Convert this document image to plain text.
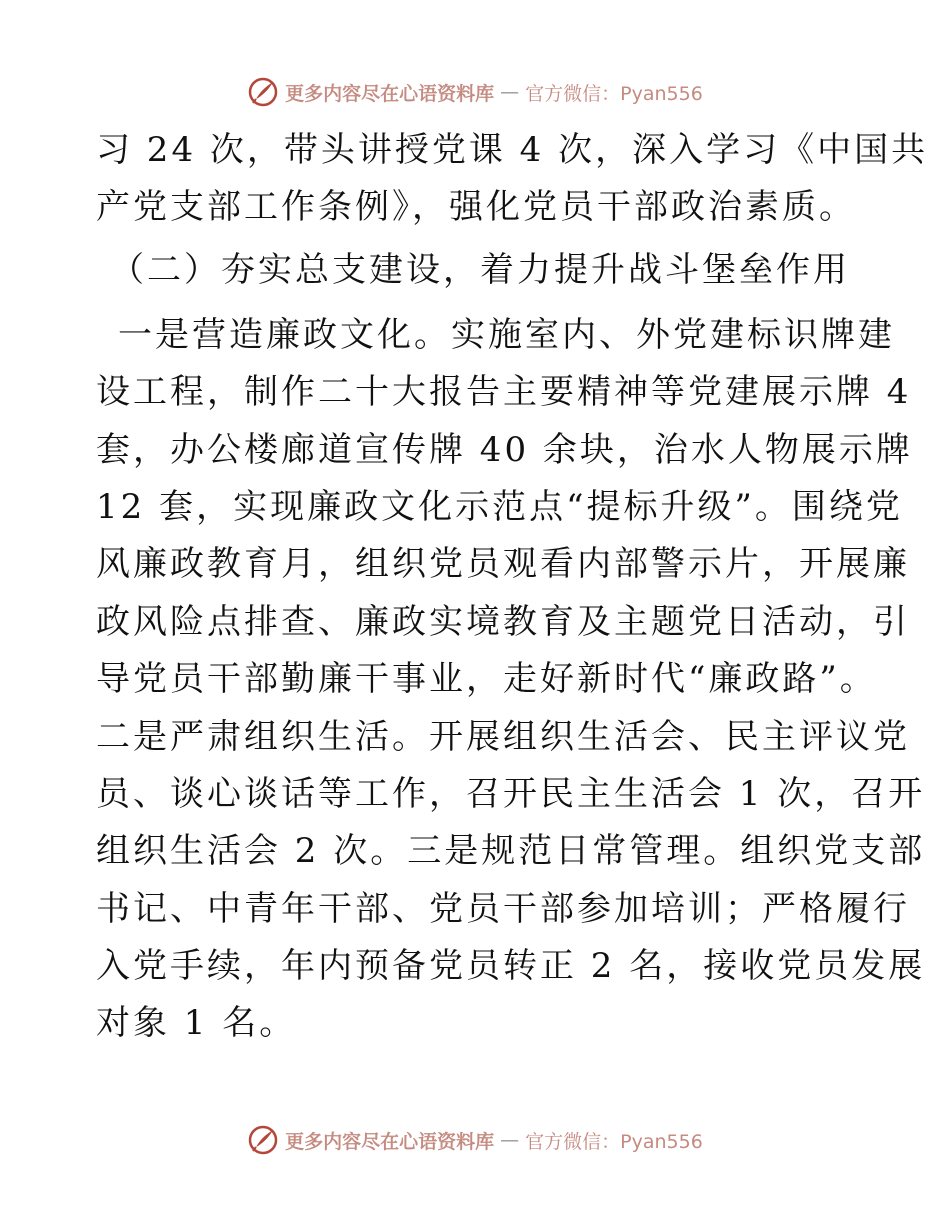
更多内容尽在心语资料库 — 官方微信：Pyan556
习 24 次，带头讲授党课 4 次，深入学习《中国共
产党支部工作条例》，强化党员干部政治素质。
（二）夯实总支建设，着力提升战斗堡垒作用
一是营造廉政文化。实施室内、外党建标识牌建
设工程，制作二十大报告主要精神等党建展示牌 4
套，办公楼廊道宣传牌 40 余块，治水人物展示牌
12 套，实现廉政文化示范点“提标升级”。围绕党
风廉政教育月，组织党员观看内部警示片，开展廉
政风险点排查、廉政实境教育及主题党日活动，引
导党员干部勤廉干事业，走好新时代“廉政路”。
二是严肃组织生活。开展组织生活会、民主评议党
员、谈心谈话等工作，召开民主生活会 1 次，召开
组织生活会 2 次。三是规范日常管理。组织党支部
书记、中青年干部、党员干部参加培训；严格履行
入党手续，年内预备党员转正 2 名，接收党员发展
对象 1 名。
更多内容尽在心语资料库 — 官方微信：Pyan556
